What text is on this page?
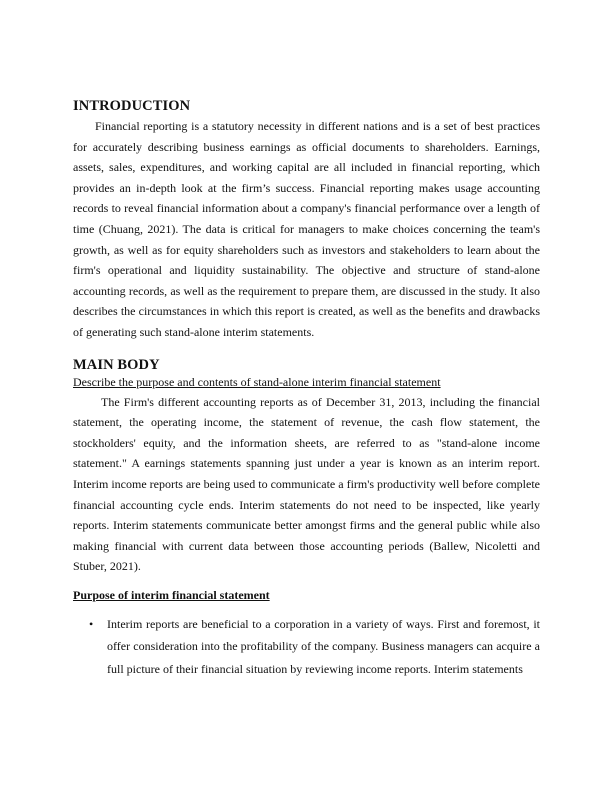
INTRODUCTION

Financial reporting is a statutory necessity in different nations and is a set of best practices for accurately describing business earnings as official documents to shareholders. Earnings, assets, sales, expenditures, and working capital are all included in financial reporting, which provides an in-depth look at the firm’s success. Financial reporting makes usage accounting records to reveal financial information about a company's financial performance over a length of time (Chuang, 2021). The data is critical for managers to make choices concerning the team's growth, as well as for equity shareholders such as investors and stakeholders to learn about the firm's operational and liquidity sustainability. The objective and structure of stand-alone accounting records, as well as the requirement to prepare them, are discussed in the study. It also describes the circumstances in which this report is created, as well as the benefits and drawbacks of generating such stand-alone interim statements.

MAIN BODY

Describe the purpose and contents of stand-alone interim financial statement

The Firm's different accounting reports as of December 31, 2013, including the financial statement, the operating income, the statement of revenue, the cash flow statement, the stockholders' equity, and the information sheets, are referred to as "stand-alone income statement." A earnings statements spanning just under a year is known as an interim report. Interim income reports are being used to communicate a firm's productivity well before complete financial accounting cycle ends. Interim statements do not need to be inspected, like yearly reports. Interim statements communicate better amongst firms and the general public while also making financial with current data between those accounting periods (Ballew, Nicoletti and Stuber, 2021).

Purpose of interim financial statement

• Interim reports are beneficial to a corporation in a variety of ways. First and foremost, it offer consideration into the profitability of the company. Business managers can acquire a full picture of their financial situation by reviewing income reports. Interim statements
